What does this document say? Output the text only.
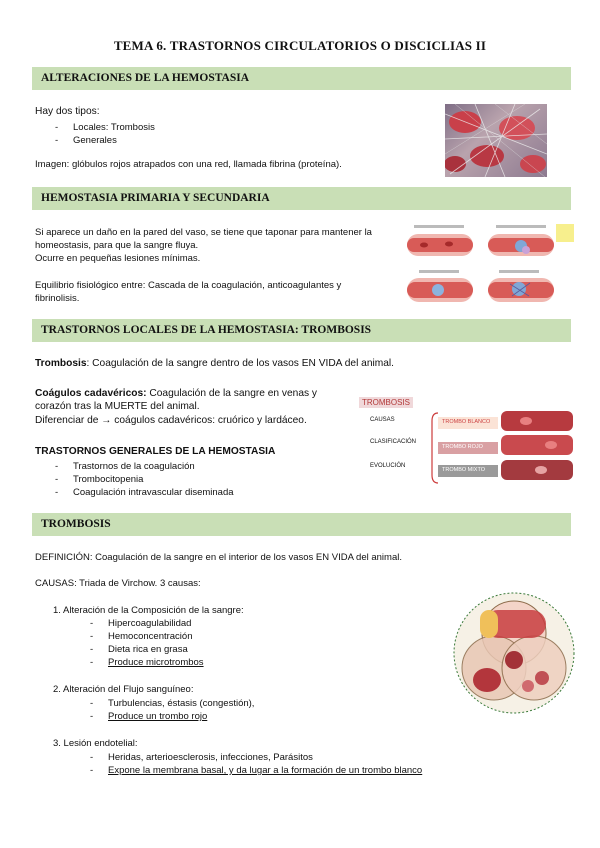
TEMA 6. TRASTORNOS CIRCULATORIOS O DISCICLIAS II
ALTERACIONES DE LA HEMOSTASIA
Hay dos tipos:
- Locales: Trombosis
- Generales
Imagen: glóbulos rojos atrapados con una red, llamada fibrina (proteína).
HEMOSTASIA PRIMARIA Y SECUNDARIA
Si aparece un daño en la pared del vaso, se tiene que taponar para mantener la
homeostasis, para que la sangre fluya.
Ocurre en pequeñas lesiones mínimas.
Equilibrio fisiológico entre: Cascada de la coagulación, anticoagulantes y
fibrinolisis.
TRASTORNOS LOCALES DE LA HEMOSTASIA: TROMBOSIS
Trombosis: Coagulación de la sangre dentro de los vasos EN VIDA del animal.
Coágulos cadavéricos: Coagulación de la sangre en venas y
corazón tras la MUERTE del animal.
Diferenciar de → coágulos cadavéricos: cruórico y lardáceo.
TRASTORNOS GENERALES DE LA HEMOSTASIA
- Trastornos de la coagulación
- Trombocitopenia
- Coagulación intravascular diseminada
TROMBOSIS
CAUSAS
CLASIFICACIÓN
EVOLUCIÓN
TROMBO BLANCO
TROMBO ROJO
TROMBO MIXTO
TROMBOSIS
DEFINICIÓN: Coagulación de la sangre en el interior de los vasos EN VIDA del animal.
CAUSAS: Triada de Virchow. 3 causas:
1. Alteración de la Composición de la sangre:
- Hipercoagulabilidad
- Hemoconcentración
- Dieta rica en grasa
- Produce microtrombos
2. Alteración del Flujo sanguíneo:
- Turbulencias, éstasis (congestión),
- Produce un trombo rojo
3. Lesión endotelial:
- Heridas, arterioesclerosis, infecciones, Parásitos
- Expone la membrana basal, y da lugar a la formación de un trombo blanco
